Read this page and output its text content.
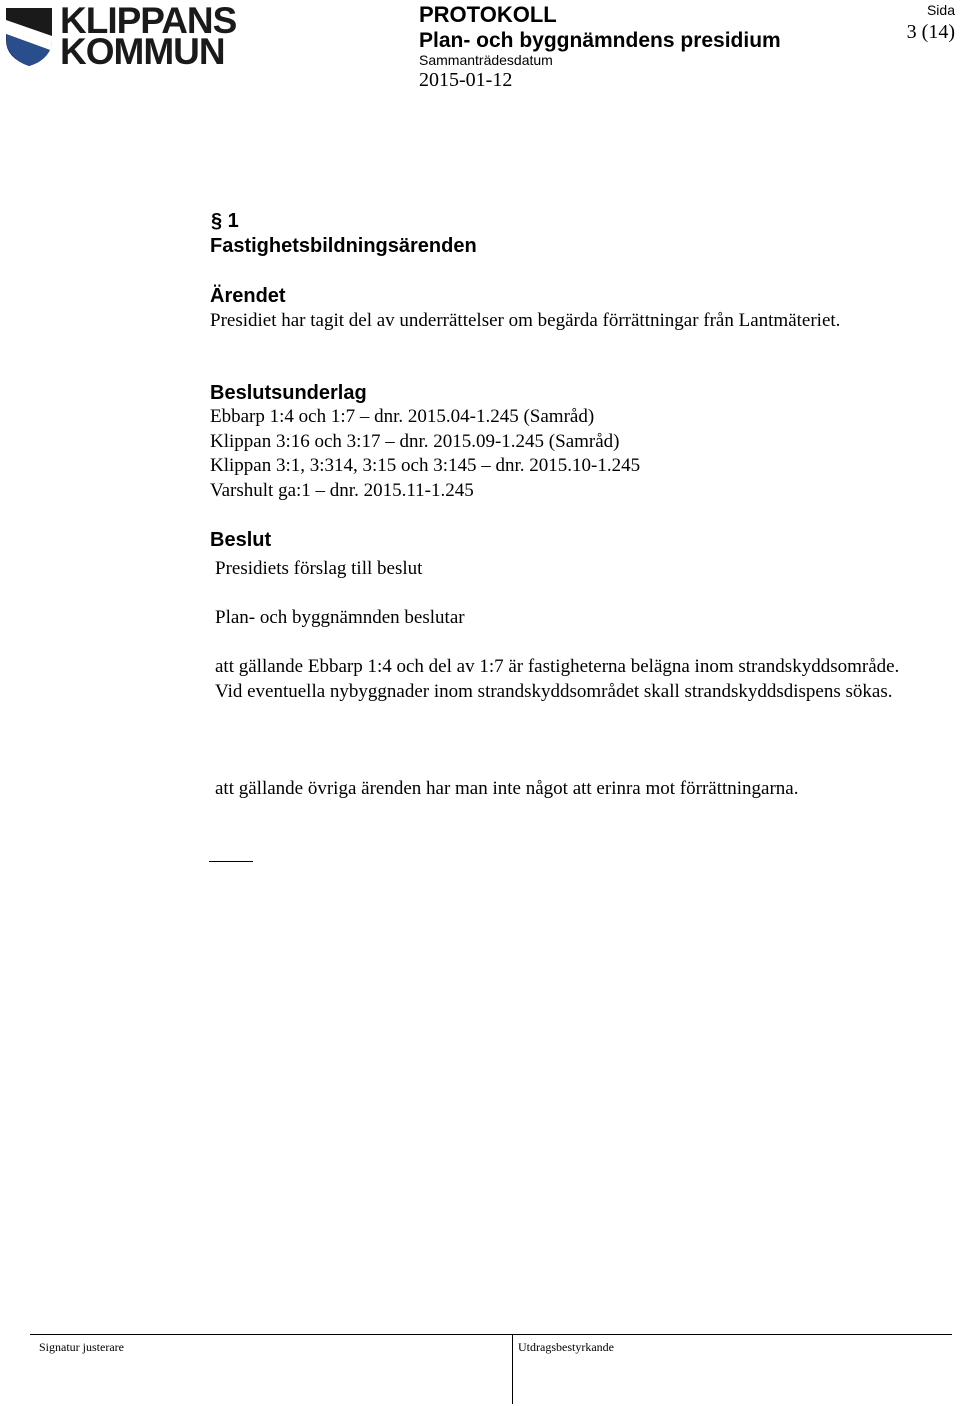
KLIPPANS
KOMMUN
PROTOKOLL
Plan- och byggnämndens presidium
Sammanträdesdatum
2015-01-12
Sida
3 (14)
§ 1
Fastighetsbildningsärenden
Ärendet
Presidiet har tagit del av underrättelser om begärda förrättningar från Lantmäteriet.
Beslutsunderlag
Ebbarp 1:4 och 1:7 – dnr. 2015.04-1.245 (Samråd)
Klippan 3:16 och 3:17 – dnr. 2015.09-1.245 (Samråd)
Klippan 3:1, 3:314, 3:15 och 3:145 – dnr. 2015.10-1.245
Varshult ga:1 – dnr. 2015.11-1.245
Beslut
Presidiets förslag till beslut
Plan- och byggnämnden beslutar
att gällande Ebbarp 1:4 och del av 1:7 är fastigheterna belägna inom strandskyddsområde.
Vid eventuella nybyggnader inom strandskyddsområdet skall strandskyddsdispens sökas.
att gällande övriga ärenden har man inte något att erinra mot förrättningarna.
Signatur justerare	Utdragsbestyrkande
